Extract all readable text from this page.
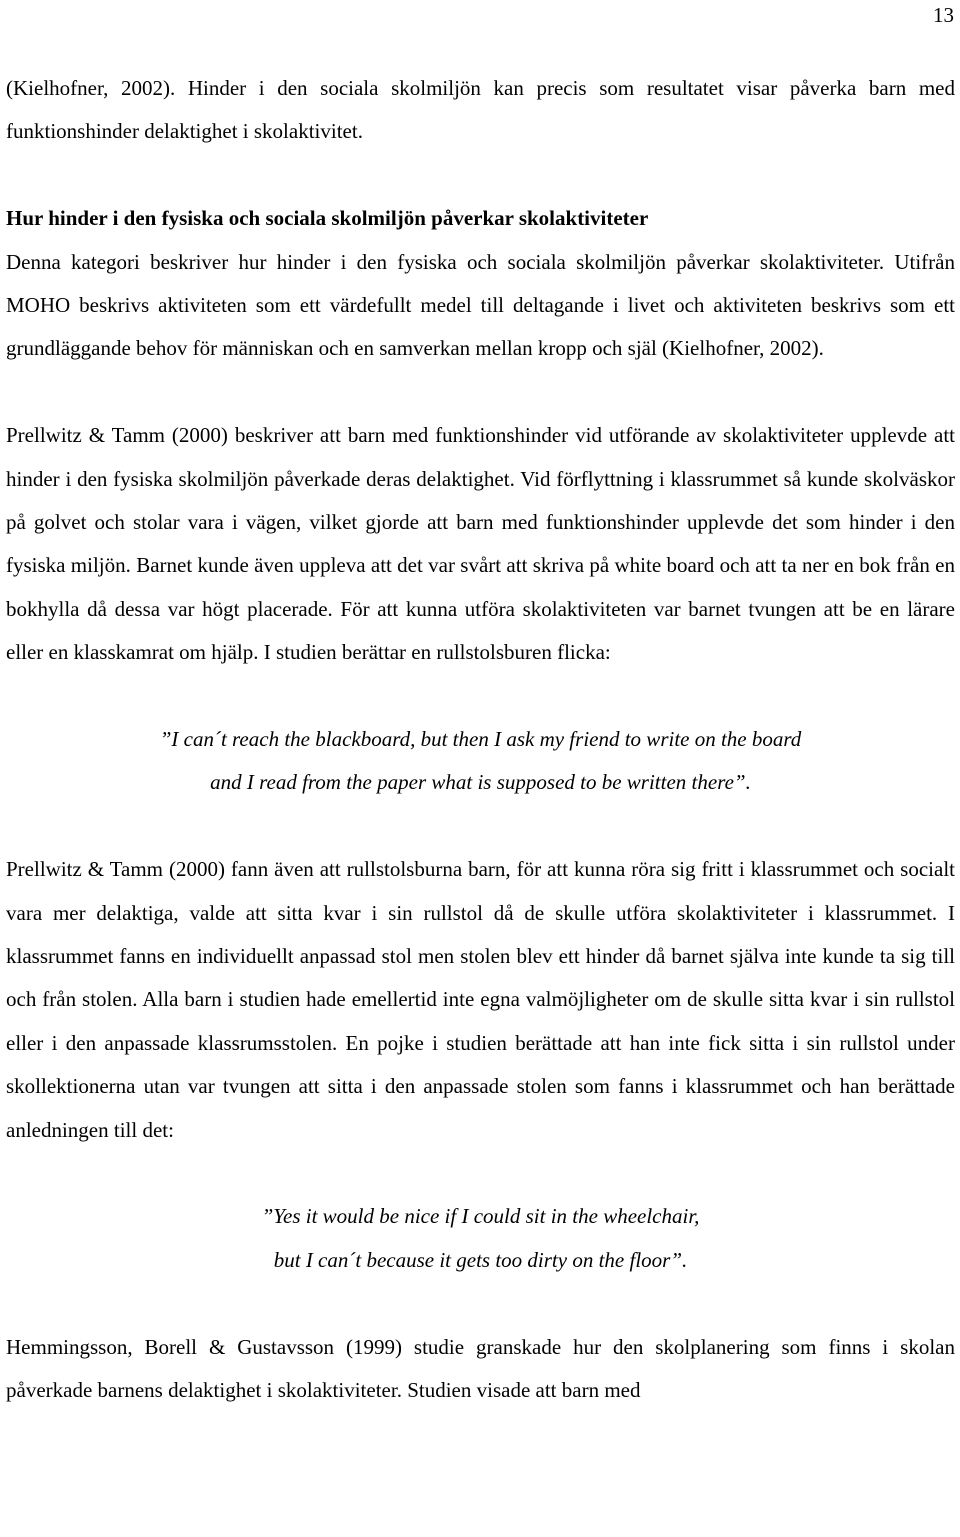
13

(Kielhofner, 2002). Hinder i den sociala skolmiljön kan precis som resultatet visar påverka barn med funktionshinder delaktighet i skolaktivitet.

Hur hinder i den fysiska och sociala skolmiljön påverkar skolaktiviteter

Denna kategori beskriver hur hinder i den fysiska och sociala skolmiljön påverkar skolaktiviteter. Utifrån MOHO beskrivs aktiviteten som ett värdefullt medel till deltagande i livet och aktiviteten beskrivs som ett grundläggande behov för människan och en samverkan mellan kropp och själ (Kielhofner, 2002).

Prellwitz & Tamm (2000) beskriver att barn med funktionshinder vid utförande av skolaktiviteter upplevde att hinder i den fysiska skolmiljön påverkade deras delaktighet. Vid förflyttning i klassrummet så kunde skolväskor på golvet och stolar vara i vägen, vilket gjorde att barn med funktionshinder upplevde det som hinder i den fysiska miljön. Barnet kunde även uppleva att det var svårt att skriva på white board och att ta ner en bok från en bokhylla då dessa var högt placerade. För att kunna utföra skolaktiviteten var barnet tvungen att be en lärare eller en klasskamrat om hjälp. I studien berättar en rullstolsburen flicka:

”I can´t reach the blackboard, but then I ask my friend to write on the board
and I read from the paper what is supposed to be written there”.

Prellwitz & Tamm (2000) fann även att rullstolsburna barn, för att kunna röra sig fritt i klassrummet och socialt vara mer delaktiga, valde att sitta kvar i sin rullstol då de skulle utföra skolaktiviteter i klassrummet. I klassrummet fanns en individuellt anpassad stol men stolen blev ett hinder då barnet själva inte kunde ta sig till och från stolen. Alla barn i studien hade emellertid inte egna valmöjligheter om de skulle sitta kvar i sin rullstol eller i den anpassade klassrumsstolen. En pojke i studien berättade att han inte fick sitta i sin rullstol under skollektionerna utan var tvungen att sitta i den anpassade stolen som fanns i klassrummet och han berättade anledningen till det:

”Yes it would be nice if I could sit in the wheelchair,
but I can´t because it gets too dirty on the floor”.

Hemmingsson, Borell & Gustavsson (1999) studie granskade hur den skolplanering som finns i skolan påverkade barnens delaktighet i skolaktiviteter. Studien visade att barn med
